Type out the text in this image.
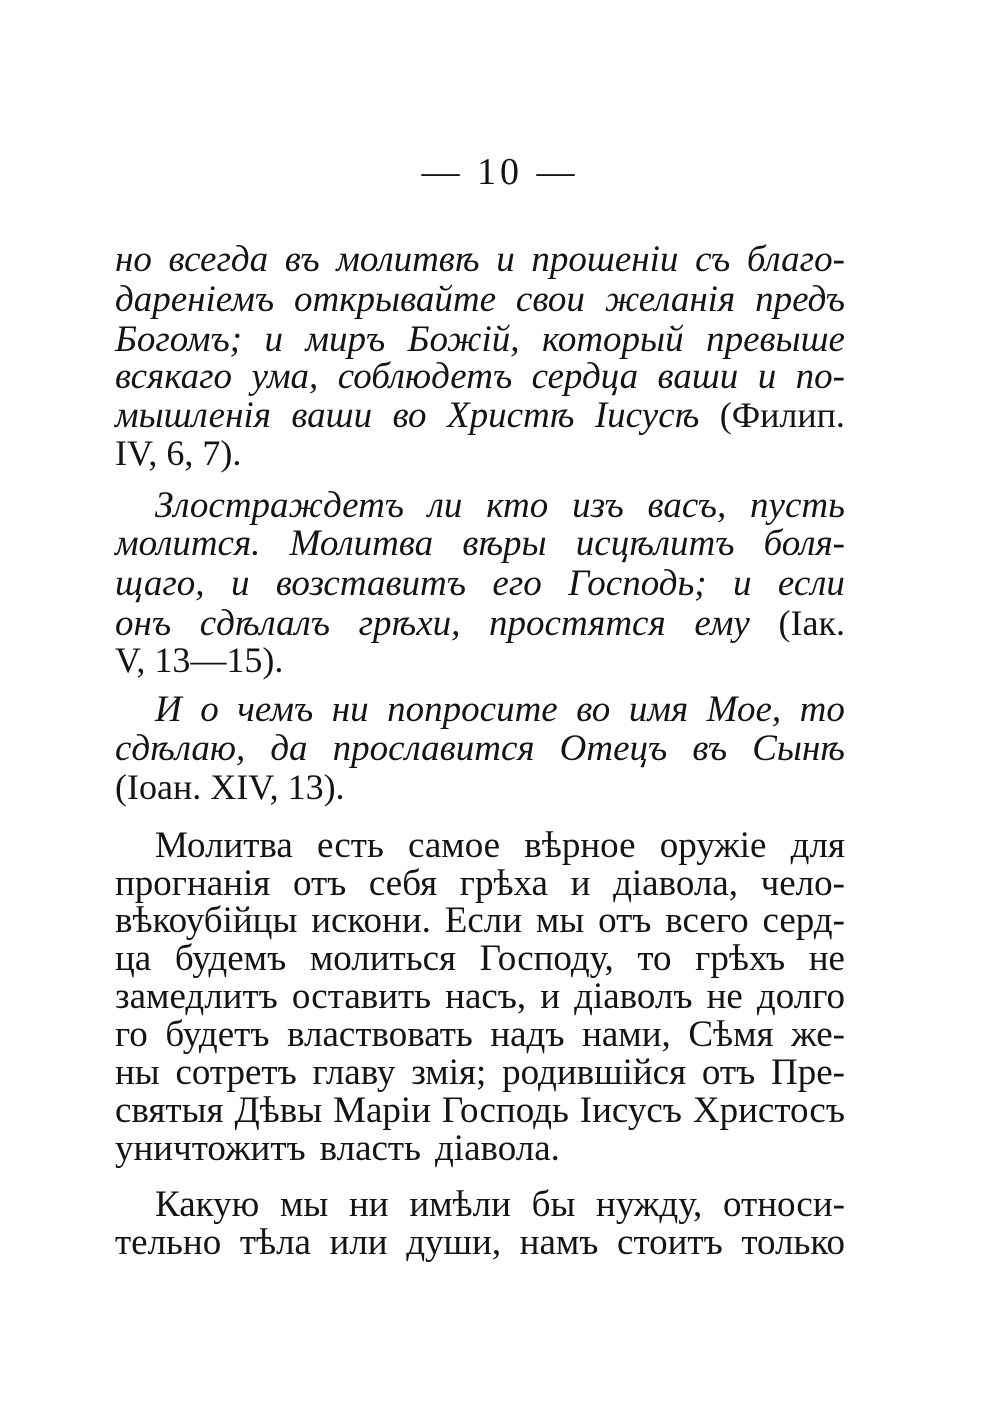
— 10 —

но всегда въ молитвѣ и прошеніи съ благо-

дареніемъ открывайте свои желанія предъ

Богомъ; и миръ Божій, который превыше

всякаго ума, соблюдетъ сердца ваши и по-

мышленія ваши во Христѣ Іисусѣ (Филип.

IV, 6, 7).

Злостраждетъ ли кто изъ васъ, пусть

молится. Молитва вѣры исцѣлитъ боля-

щаго, и возставитъ его Господь; и если

онъ сдѣлалъ грѣхи, простятся ему (Іак.

V, 13—15).

И о чемъ ни попросите во имя Мое, то

сдѣлаю, да прославится Отецъ въ Сынѣ

(Іоан. XIV, 13).

Молитва есть самое вѣрное оружіе для

прогнанія отъ себя грѣха и діавола, чело-

вѣкоубійцы искони. Если мы отъ всего серд-

ца будемъ молиться Господу, то грѣхъ не

замедлитъ оставить насъ, и діаволъ не долго

го будетъ властвовать надъ нами, Сѣмя же-

ны сотретъ главу змія; родившійся отъ Пре-

святыя Дѣвы Маріи Господь Іисусъ Христосъ

уничтожитъ власть діавола.

Какую мы ни имѣли бы нужду, относи-

тельно тѣла или души, намъ стоитъ только
